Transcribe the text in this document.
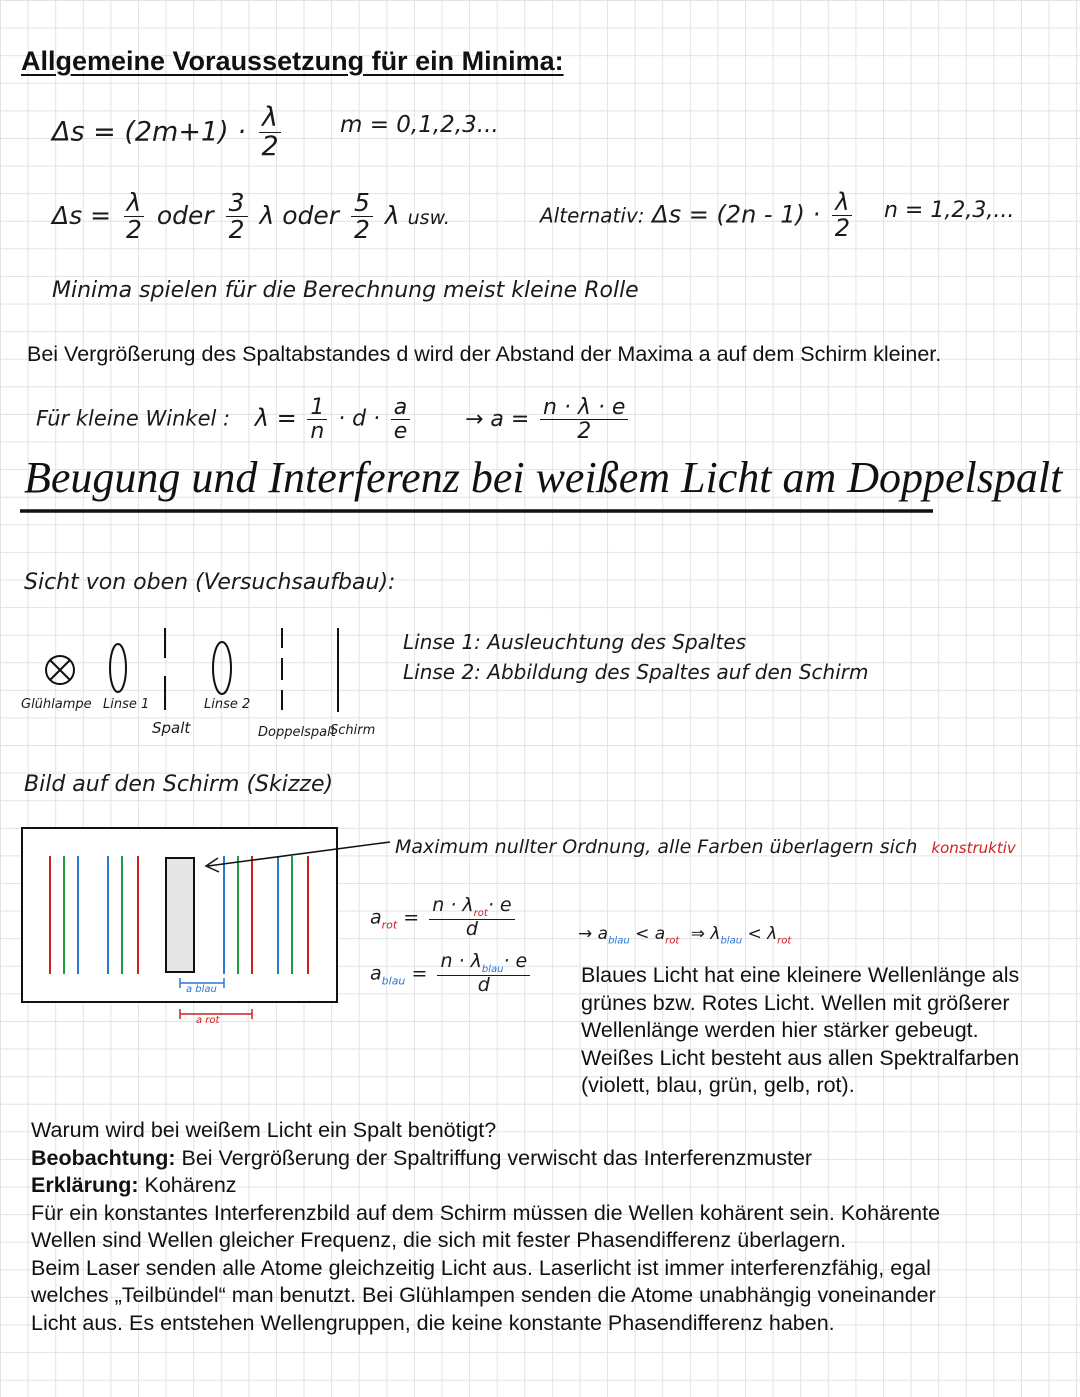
Allgemeine Voraussetzung für ein Minima:
$\Delta s = (2m+1) \cdot \frac{\lambda}{2}$	m = 0,1,2,3...
$\Delta s = \frac{\lambda}{2}$ oder $\frac{3}{2}$ λ oder $\frac{5}{2}$ λ usw.	Alternativ: $\Delta s = (2n - 1) \cdot \frac{\lambda}{2}$ n = 1,2,3,...
Minima spielen für die Berechnung meist kleine Rolle
Bei Vergrößerung des Spaltabstandes d wird der Abstand der Maxima a auf dem Schirm kleiner.
Für kleine Winkel : $\lambda = \frac{1}{n} \cdot d \cdot \frac{a}{e} \to a = \frac{n \cdot \lambda \cdot e}{2}$
Beugung und Interferenz bei weißem Licht am Doppelspalt
Sicht von oben (Versuchsaufbau):
Glühlampe Linse 1	Linse 2
Spalt	Doppelspalt
Schirm
Linse 1: Ausleuchtung des Spaltes
Linse 2: Abbildung des Spaltes auf den Schirm
Bild auf den Schirm (Skizze)
a blau
a rot
Maximum nullter Ordnung, alle Farben überlagern sich konstruktiv
$a_{rot} = \frac{n \cdot \lambda_{rot}\cdot e}{d}$
$a_{blau} = \frac{n \cdot \lambda_{blau}\cdot e}{d}$
→ $a_{blau} < a_{rot}$ ⇒ $\lambda_{blau} < \lambda_{rot}$
Blaues Licht hat eine kleinere Wellenlänge als
grünes bzw. Rotes Licht. Wellen mit größerer
Wellenlänge werden hier stärker gebeugt.
Weißes Licht besteht aus allen Spektralfarben
(violett, blau, grün, gelb, rot).
Warum wird bei weißem Licht ein Spalt benötigt?
Beobachtung: Bei Vergrößerung der Spaltriffung verwischt das Interferenzmuster
Erklärung: Kohärenz
Für ein konstantes Interferenzbild auf dem Schirm müssen die Wellen kohärent sein. Kohärente
Wellen sind Wellen gleicher Frequenz, die sich mit fester Phasendifferenz überlagern.
Beim Laser senden alle Atome gleichzeitig Licht aus. Laserlicht ist immer interferenzfähig, egal
welches „Teilbündel“ man benutzt. Bei Glühlampen senden die Atome unabhängig voneinander
Licht aus. Es entstehen Wellengruppen, die keine konstante Phasendifferenz haben.
